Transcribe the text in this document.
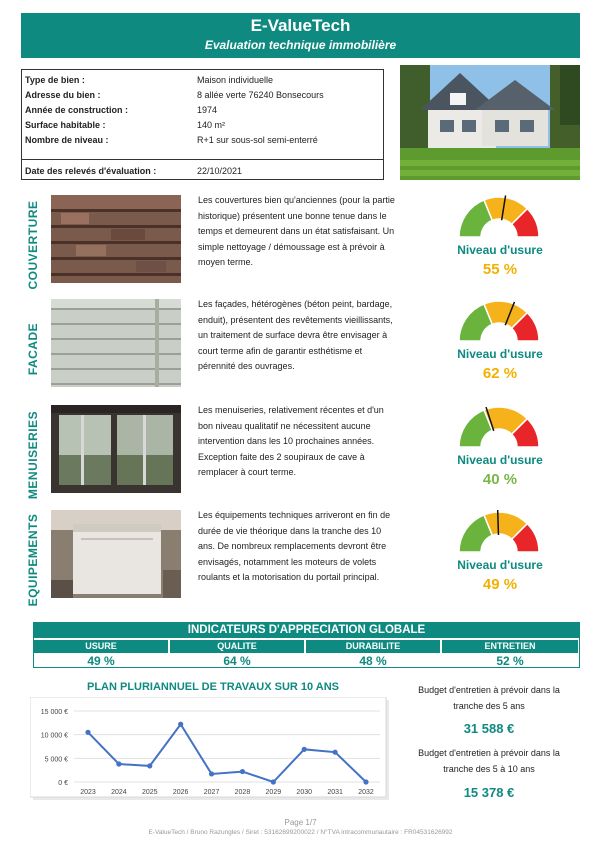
E-ValueTech
Evaluation technique immobilière
Type de bien :	Maison individuelle
Adresse du bien :	8 allée verte 76240 Bonsecours
Année de construction :	1974
Surface habitable :	140 m²
Nombre de niveau :	R+1 sur sous-sol semi-enterré
Date des relevés d'évaluation :	22/10/2021
COUVERTURE
Les couvertures bien qu'anciennes (pour la partie historique) présentent une bonne tenue dans le temps et demeurent dans un état satisfaisant. Un simple nettoyage / démoussage est à prévoir à moyen terme.
Niveau d'usure
55 %
FACADE
Les façades, hétérogènes (béton peint, bardage, enduit), présentent des revêtements vieillissants, un traitement de surface devra être envisager à court terme afin de garantir esthétisme et pérennité des ouvrages.
Niveau d'usure
62 %
MENUISERIES
Les menuiseries, relativement récentes et d'un bon niveau qualitatif ne nécessitent aucune intervention dans les 10 prochaines années. Exception faite des 2 soupiraux de cave à remplacer à court terme.
Niveau d'usure
40 %
EQUIPEMENTS	Les équipements techniques arriveront en fin de durée de vie théorique dans la tranche des 10 ans. De nombreux remplacements devront être envisagés, notamment les moteurs de volets roulants et la motorisation du portail principal.
Niveau d'usure
49 %
INDICATEURS D'APPRECIATION GLOBALE
USURE	QUALITE	DURABILITE	ENTRETIEN
49 %	64 %	48 %	52 %
PLAN PLURIANNUEL DE TRAVAUX SUR 10 ANS
0 €
5 000 €
10 000 €
15 000 €
2023 2024 2025 2026 2027 2028 2029 2030 2031 2032
Budget d'entretien à prévoir dans la tranche des 5 ans
31 588 €
Budget d'entretien à prévoir dans la tranche des 5 à 10 ans
15 378 €
Page 1/7
E-ValueTech / Bruno Razungles / Siret : 53162699200022 / N°TVA intracommunautaire : FR04531626992
